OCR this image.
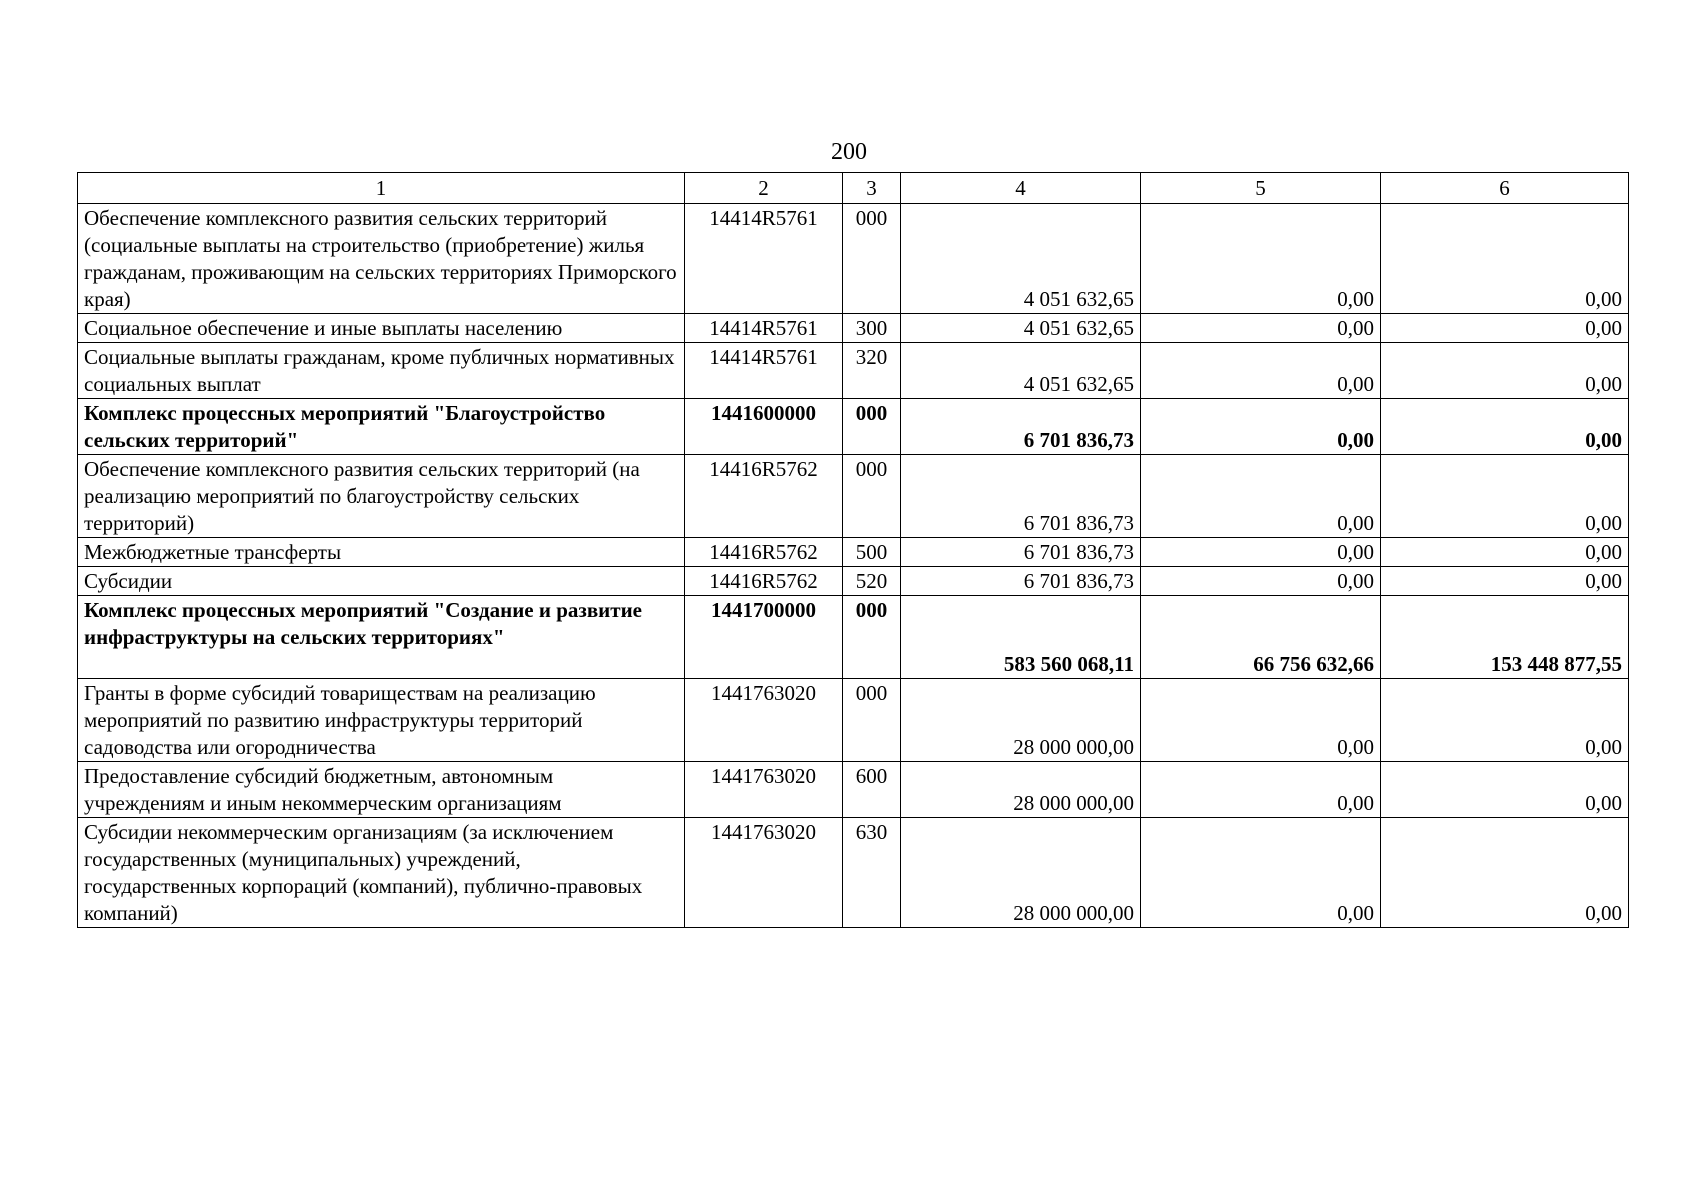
200
1	2	3	4	5	6
Обеспечение комплексного развития сельских территорий (социальные выплаты на строительство (приобретение) жилья гражданам, проживающим на сельских территориях Приморского края)	14414R5761	000	4 051 632,65	0,00	0,00
Социальное обеспечение и иные выплаты населению	14414R5761	300	4 051 632,65	0,00	0,00
Социальные выплаты гражданам, кроме публичных нормативных социальных выплат	14414R5761	320	4 051 632,65	0,00	0,00
Комплекс процессных мероприятий "Благоустройство сельских территорий"	1441600000	000	6 701 836,73	0,00	0,00
Обеспечение комплексного развития сельских территорий (на реализацию мероприятий по благоустройству сельских территорий)	14416R5762	000	6 701 836,73	0,00	0,00
Межбюджетные трансферты	14416R5762	500	6 701 836,73	0,00	0,00
Субсидии	14416R5762	520	6 701 836,73	0,00	0,00
Комплекс процессных мероприятий "Создание и развитие инфраструктуры на сельских территориях"	1441700000	000	583 560 068,11	66 756 632,66	153 448 877,55
Гранты в форме субсидий товариществам на реализацию мероприятий по развитию инфраструктуры территорий садоводства или огородничества	1441763020	000	28 000 000,00	0,00	0,00
Предоставление субсидий бюджетным, автономным учреждениям и иным некоммерческим организациям	1441763020	600	28 000 000,00	0,00	0,00
Субсидии некоммерческим организациям (за исключением государственных (муниципальных) учреждений, государственных корпораций (компаний), публично-правовых компаний)	1441763020	630	28 000 000,00	0,00	0,00
